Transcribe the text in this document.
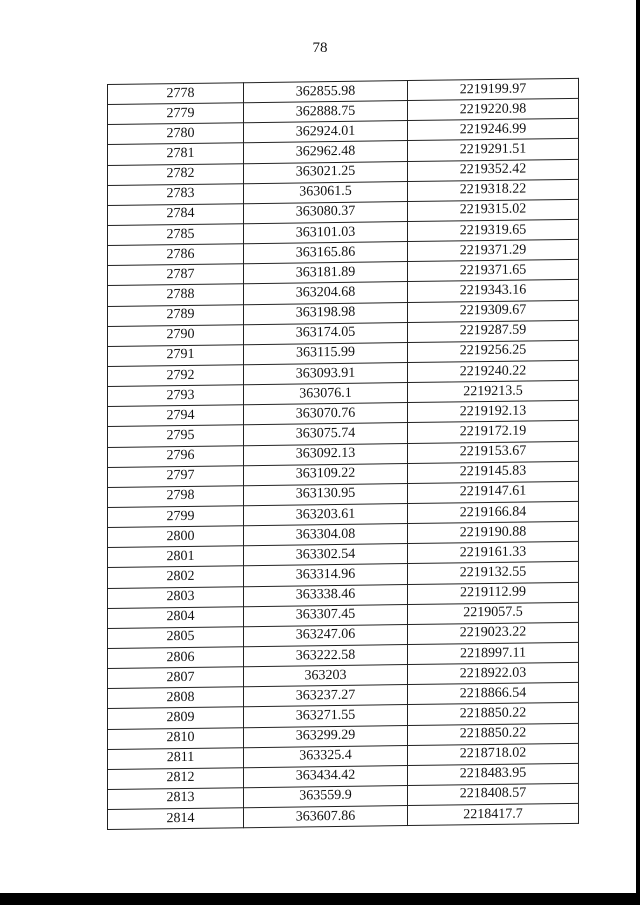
78
2778	362855.98	2219199.97
2779	362888.75	2219220.98
2780	362924.01	2219246.99
2781	362962.48	2219291.51
2782	363021.25	2219352.42
2783	363061.5	2219318.22
2784	363080.37	2219315.02
2785	363101.03	2219319.65
2786	363165.86	2219371.29
2787	363181.89	2219371.65
2788	363204.68	2219343.16
2789	363198.98	2219309.67
2790	363174.05	2219287.59
2791	363115.99	2219256.25
2792	363093.91	2219240.22
2793	363076.1	2219213.5
2794	363070.76	2219192.13
2795	363075.74	2219172.19
2796	363092.13	2219153.67
2797	363109.22	2219145.83
2798	363130.95	2219147.61
2799	363203.61	2219166.84
2800	363304.08	2219190.88
2801	363302.54	2219161.33
2802	363314.96	2219132.55
2803	363338.46	2219112.99
2804	363307.45	2219057.5
2805	363247.06	2219023.22
2806	363222.58	2218997.11
2807	363203	2218922.03
2808	363237.27	2218866.54
2809	363271.55	2218850.22
2810	363299.29	2218850.22
2811	363325.4	2218718.02
2812	363434.42	2218483.95
2813	363559.9	2218408.57
2814	363607.86	2218417.7
